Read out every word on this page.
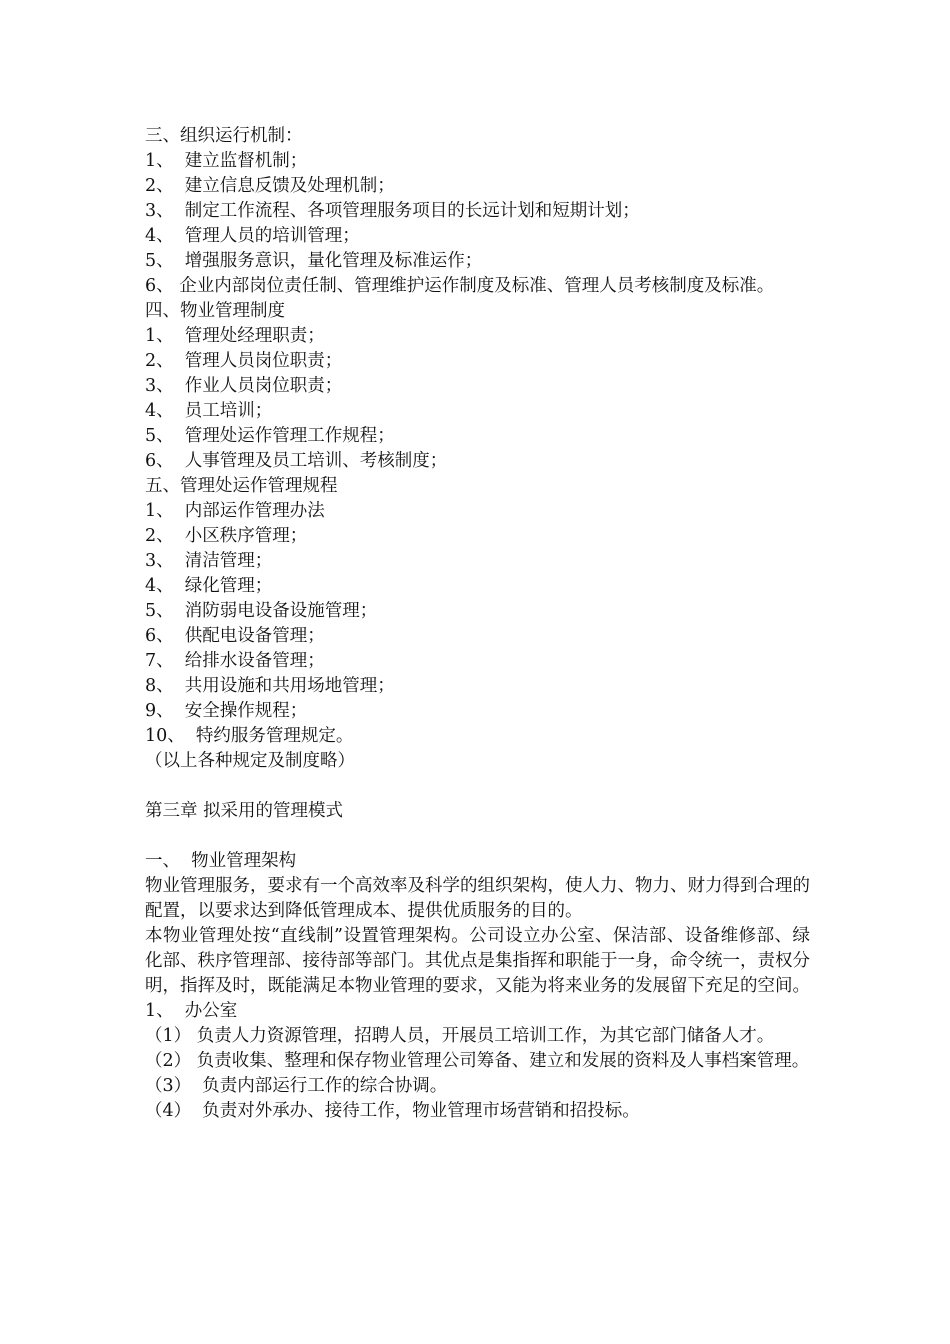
三、组织运行机制：
1、  建立监督机制；
2、  建立信息反馈及处理机制；
3、  制定工作流程、各项管理服务项目的长远计划和短期计划；
4、  管理人员的培训管理；
5、  增强服务意识，量化管理及标准运作；
6、 企业内部岗位责任制、管理维护运作制度及标准、管理人员考核制度及标准。
四、物业管理制度
1、  管理处经理职责；
2、  管理人员岗位职责；
3、  作业人员岗位职责；
4、  员工培训；
5、  管理处运作管理工作规程；
6、  人事管理及员工培训、考核制度；
五、管理处运作管理规程
1、  内部运作管理办法
2、  小区秩序管理；
3、  清洁管理；
4、  绿化管理；
5、  消防弱电设备设施管理；
6、  供配电设备管理；
7、  给排水设备管理；
8、  共用设施和共用场地管理；
9、  安全操作规程；
10、  特约服务管理规定。
（以上各种规定及制度略）
第三章 拟采用的管理模式
一、  物业管理架构
物业管理服务，要求有一个高效率及科学的组织架构，使人力、物力、财力得到合理的配置，以要求达到降低管理成本、提供优质服务的目的。
本物业管理处按“直线制”设置管理架构。公司设立办公室、保洁部、设备维修部、绿化部、秩序管理部、接待部等部门。其优点是集指挥和职能于一身，命令统一，责权分明，指挥及时，既能满足本物业管理的要求，又能为将来业务的发展留下充足的空间。
1、  办公室
（1） 负责人力资源管理，招聘人员，开展员工培训工作，为其它部门储备人才。
（2） 负责收集、整理和保存物业管理公司筹备、建立和发展的资料及人事档案管理。
（3）  负责内部运行工作的综合协调。
（4）  负责对外承办、接待工作，物业管理市场营销和招投标。
